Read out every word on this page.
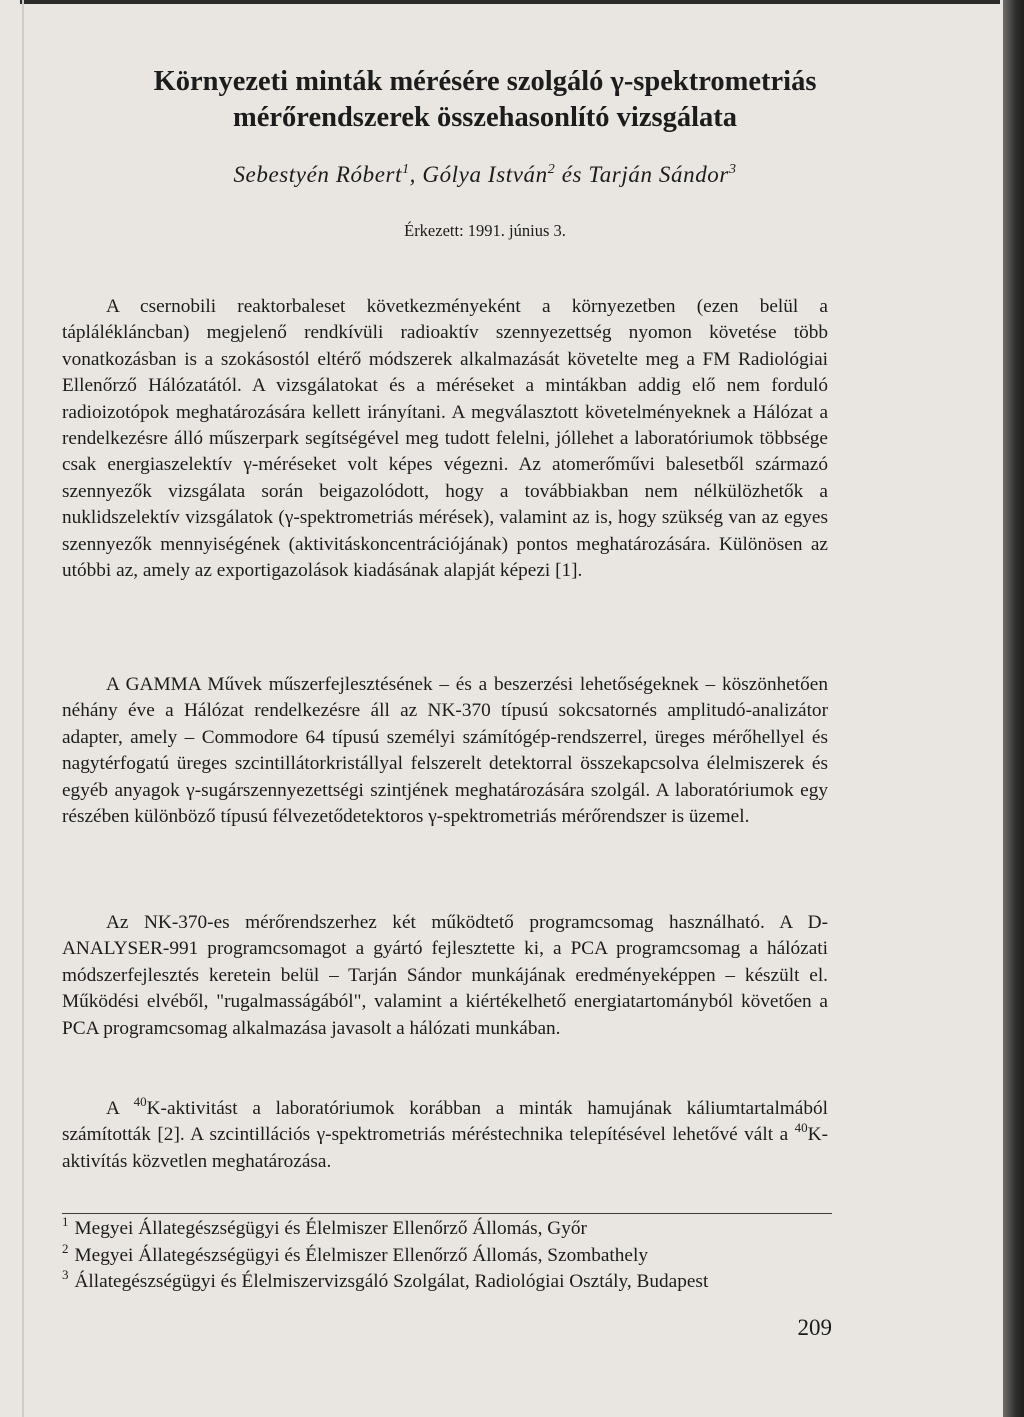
Környezeti minták mérésére szolgáló γ-spektrometriás
mérőrendszerek összehasonlító vizsgálata
Sebestyén Róbert$^1$, Gólya István$^2$ és Tarján Sándor$^3$
Érkezett: 1991. június 3.

A csernobili reaktorbaleset következményeként a környezetben (ezen belül a táplálékláncban) megjelenő rendkívüli radioaktív szennyezettség nyomon követése több vonatkozásban is a szokásostól eltérő módszerek alkalmazását követelte meg a FM Radiológiai Ellenőrző Hálózatától. A vizsgálatokat és a méréseket a mintákban addig elő nem forduló radioizotópok meghatározására kellett irányítani. A megválasztott követelményeknek a Hálózat a rendelkezésre álló műszerpark segítségével meg tudott felelni, jóllehet a laboratóriumok többsége csak energiaszelektív γ-méréseket volt képes végezni. Az atomerőművi balesetből származó szennyezők vizsgálata során beigazolódott, hogy a továbbiakban nem nélkülözhetők a nuklidszelektív vizsgálatok (γ-spektrometriás mérések), valamint az is, hogy szükség van az egyes szennyezők mennyiségének (aktivitáskoncentrációjának) pontos meghatározására. Különösen az utóbbi az, amely az exportigazolások kiadásának alapját képezi [1].

A GAMMA Művek műszerfejlesztésének – és a beszerzési lehetőségeknek – köszönhetően néhány éve a Hálózat rendelkezésre áll az NK-370 típusú sokcsatornés amplitudó-analizátor adapter, amely – Commodore 64 típusú személyi számítógép-rendszerrel, üreges mérőhellyel és nagytérfogatú üreges szcintillátorkristállyal felszerelt detektorral összekapcsolva élelmiszerek és egyéb anyagok γ-sugárszennyezettségi szintjének meghatározására szolgál. A laboratóriumok egy részében különböző típusú félvezetődetektoros γ-spektrometriás mérőrendszer is üzemel.

Az NK-370-es mérőrendszerhez két működtető programcsomag használható. A D-ANALYSER-991 programcsomagot a gyártó fejlesztette ki, a PCA programcsomag a hálózati módszerfejlesztés keretein belül – Tarján Sándor munkájának eredményeképpen – készült el. Működési elvéből, "rugalmasságából", valamint a kiértékelhető energiatartományból követően a PCA programcsomag alkalmazása javasolt a hálózati munkában.

A $^{40}$K-aktivitást a laboratóriumok korábban a minták hamujának káliumtartalmából számították [2]. A szcintillációs γ-spektrometriás méréstechnika telepítésével lehetővé vált a $^{40}$K-aktivítás közvetlen meghatározása.

$^1$ Megyei Állategészségügyi és Élelmiszer Ellenőrző Állomás, Győr
$^2$ Megyei Állategészségügyi és Élelmiszer Ellenőrző Állomás, Szombathely
$^3$ Állategészségügyi és Élelmiszervizsgáló Szolgálat, Radiológiai Osztály, Budapest
209
